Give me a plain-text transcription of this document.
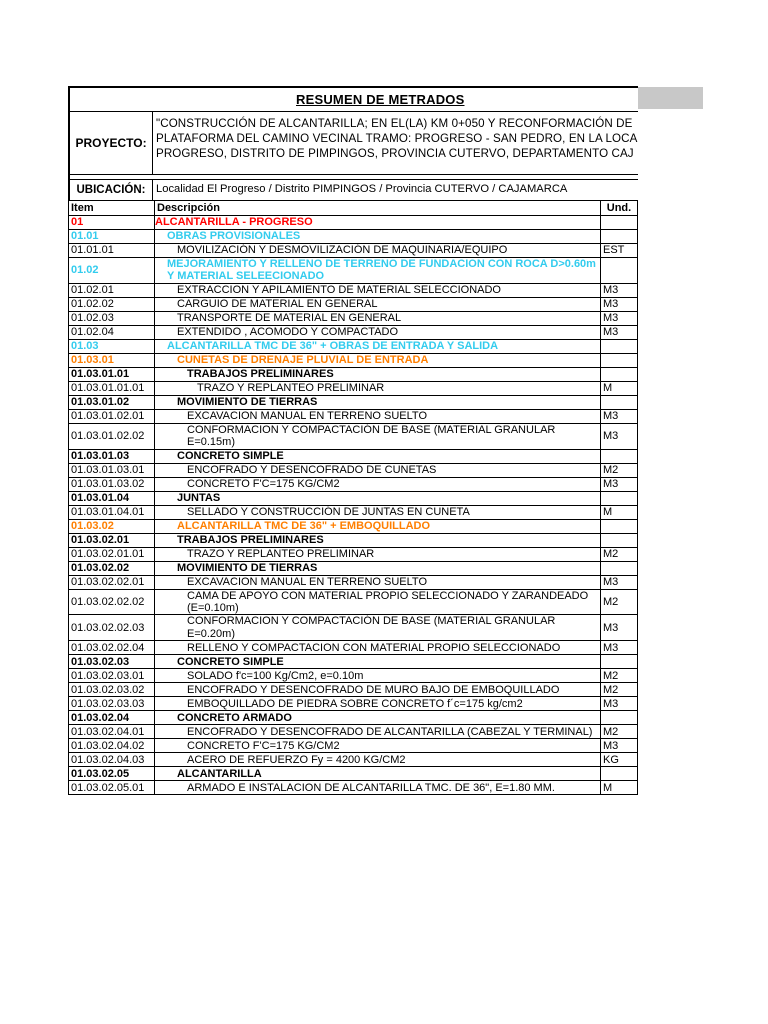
RESUMEN DE METRADOS
PROYECTO:
"CONSTRUCCIÓN DE ALCANTARILLA; EN EL(LA) KM 0+050 Y RECONFORMACIÓN DE
PLATAFORMA DEL CAMINO VECINAL TRAMO: PROGRESO - SAN PEDRO, EN LA LOCA
PROGRESO, DISTRITO DE PIMPINGOS, PROVINCIA CUTERVO, DEPARTAMENTO CAJ
UBICACIÓN: Localidad El Progreso / Distrito PIMPINGOS / Provincia CUTERVO / CAJAMARCA
Item	Descripción	Und.
01	ALCANTARILLA - PROGRESO	
01.01	OBRAS PROVISIONALES	
01.01.01	MOVILIZACIÓN Y DESMOVILIZACIÓN DE MAQUINARIA/EQUIPO	EST
01.02	MEJORAMIENTO Y RELLENO DE TERRENO DE FUNDACION CON ROCA D>0.60m Y MATERIAL SELEECIONADO	
01.02.01	EXTRACCION Y APILAMIENTO DE MATERIAL SELECCIONADO	M3
01.02.02	CARGUIO DE MATERIAL EN GENERAL	M3
01.02.03	TRANSPORTE DE MATERIAL EN GENERAL	M3
01.02.04	EXTENDIDO , ACOMODO Y COMPACTADO	M3
01.03	ALCANTARILLA TMC DE 36" + OBRAS DE ENTRADA Y SALIDA	
01.03.01	CUNETAS DE DRENAJE PLUVIAL DE ENTRADA	
01.03.01.01	TRABAJOS PRELIMINARES	
01.03.01.01.01	TRAZO Y REPLANTEO PRELIMINAR	M
01.03.01.02	MOVIMIENTO DE TIERRAS	
01.03.01.02.01	EXCAVACION MANUAL EN TERRENO SUELTO	M3
01.03.01.02.02	CONFORMACION Y COMPACTACIÓN DE BASE (MATERIAL GRANULAR E=0.15m)	M3
01.03.01.03	CONCRETO SIMPLE	
01.03.01.03.01	ENCOFRADO Y DESENCOFRADO DE CUNETAS	M2
01.03.01.03.02	CONCRETO F'C=175 KG/CM2	M3
01.03.01.04	JUNTAS	
01.03.01.04.01	SELLADO Y CONSTRUCCIÓN DE JUNTAS EN CUNETA	M
01.03.02	ALCANTARILLA TMC DE 36" + EMBOQUILLADO	
01.03.02.01	TRABAJOS PRELIMINARES	
01.03.02.01.01	TRAZO Y REPLANTEO PRELIMINAR	M2
01.03.02.02	MOVIMIENTO DE TIERRAS	
01.03.02.02.01	EXCAVACION MANUAL EN TERRENO SUELTO	M3
01.03.02.02.02	CAMA DE APOYO CON MATERIAL PROPIO SELECCIONADO Y ZARANDEADO (E=0.10m)	M2
01.03.02.02.03	CONFORMACION Y COMPACTACIÓN DE BASE (MATERIAL GRANULAR E=0.20m)	M3
01.03.02.02.04	RELLENO Y COMPACTACION CON MATERIAL PROPIO SELECCIONADO	M3
01.03.02.03	CONCRETO SIMPLE	
01.03.02.03.01	SOLADO f'c=100 Kg/Cm2, e=0.10m	M2
01.03.02.03.02	ENCOFRADO Y DESENCOFRADO DE MURO BAJO DE EMBOQUILLADO	M2
01.03.02.03.03	EMBOQUILLADO DE PIEDRA SOBRE CONCRETO f´c=175 kg/cm2	M3
01.03.02.04	CONCRETO ARMADO	
01.03.02.04.01	ENCOFRADO Y DESENCOFRADO DE ALCANTARILLA (CABEZAL Y TERMINAL)	M2
01.03.02.04.02	CONCRETO F'C=175 KG/CM2	M3
01.03.02.04.03	ACERO DE REFUERZO Fy = 4200 KG/CM2	KG
01.03.02.05	ALCANTARILLA	
01.03.02.05.01	ARMADO E INSTALACION DE ALCANTARILLA TMC. DE 36", E=1.80 MM.	M
